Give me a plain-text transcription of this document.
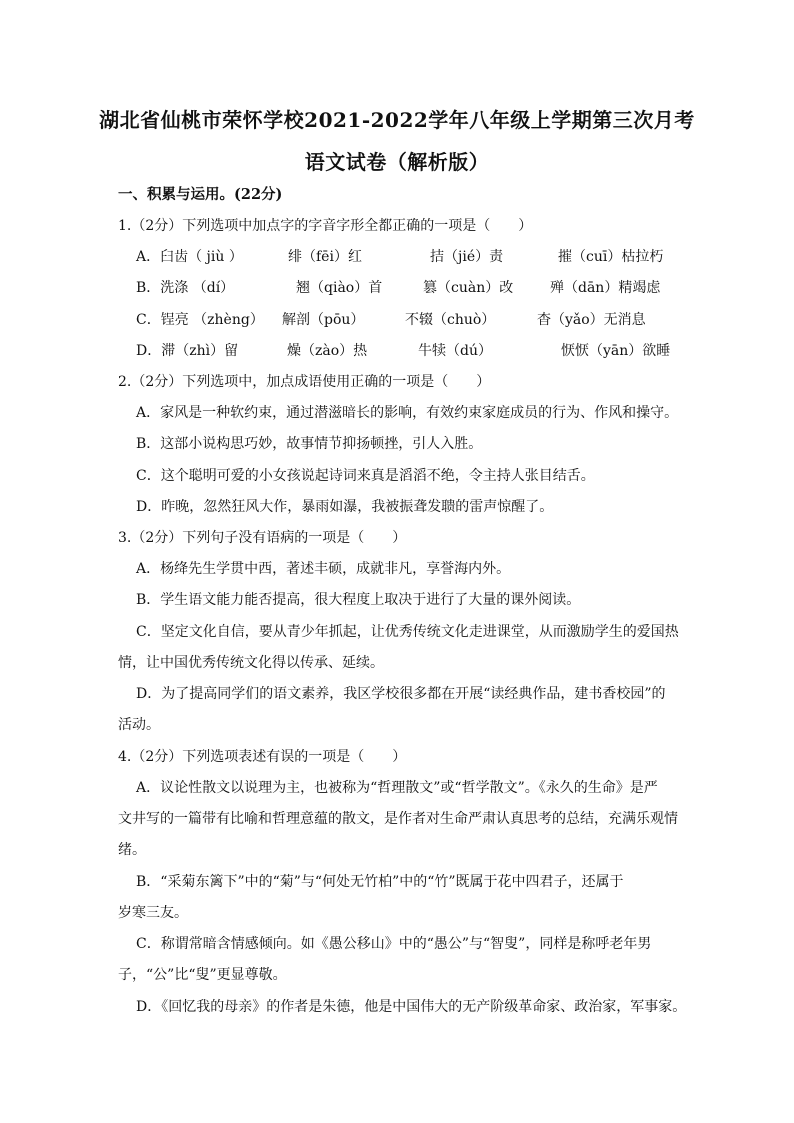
湖北省仙桃市荣怀学校2021-2022学年八年级上学期第三次月考
语文试卷（解析版）
一、积累与运用。(22分)
1.（2分）下列选项中加点字的字音字形全都正确的一项是（　　）
A．臼齿（ jiù ）	绯（fēi）红	拮（jié）责	摧（cuī）枯拉朽
B．洗涤 （dí）	翘（qiào）首	篡（cuàn）改	殚（dān）精竭虑
C．锃亮 （zhèng） 解剖（pōu）	不辍（chuò）	杳（yǎo）无消息
D．滞（zhì）留	燥（zào）热	牛犊（dú）	恹恹（yān）欲睡
2.（2分）下列选项中，加点成语使用正确的一项是（　　）
A．家风是一种软约束，通过潜滋暗长的影响，有效约束家庭成员的行为、作风和操守。
B．这部小说构思巧妙，故事情节抑扬顿挫，引人入胜。
C．这个聪明可爱的小女孩说起诗词来真是滔滔不绝，令主持人张目结舌。
D．昨晚，忽然狂风大作，暴雨如瀑，我被振聋发聩的雷声惊醒了。
3.（2分）下列句子没有语病的一项是（　　）
A．杨绛先生学贯中西，著述丰硕，成就非凡，享誉海内外。
B．学生语文能力能否提高，很大程度上取决于进行了大量的课外阅读。
C．坚定文化自信，要从青少年抓起，让优秀传统文化走进课堂，从而激励学生的爱国热
情，让中国优秀传统文化得以传承、延续。
D．为了提高同学们的语文素养，我区学校很多都在开展“读经典作品，建书香校园”的
活动。
4.（2分）下列选项表述有误的一项是（　　）
A．议论性散文以说理为主，也被称为“哲理散文”或“哲学散文”。《永久的生命》是严
文井写的一篇带有比喻和哲理意蕴的散文，是作者对生命严肃认真思考的总结，充满乐观情
绪。
B．“采菊东篱下”中的“菊”与“何处无竹柏”中的“竹”既属于花中四君子，还属于
岁寒三友。
C．称谓常暗含情感倾向。如《愚公移山》中的“愚公”与“智叟”，同样是称呼老年男
子，“公”比“叟”更显尊敬。
D．《回忆我的母亲》的作者是朱德，他是中国伟大的无产阶级革命家、政治家，军事家。
